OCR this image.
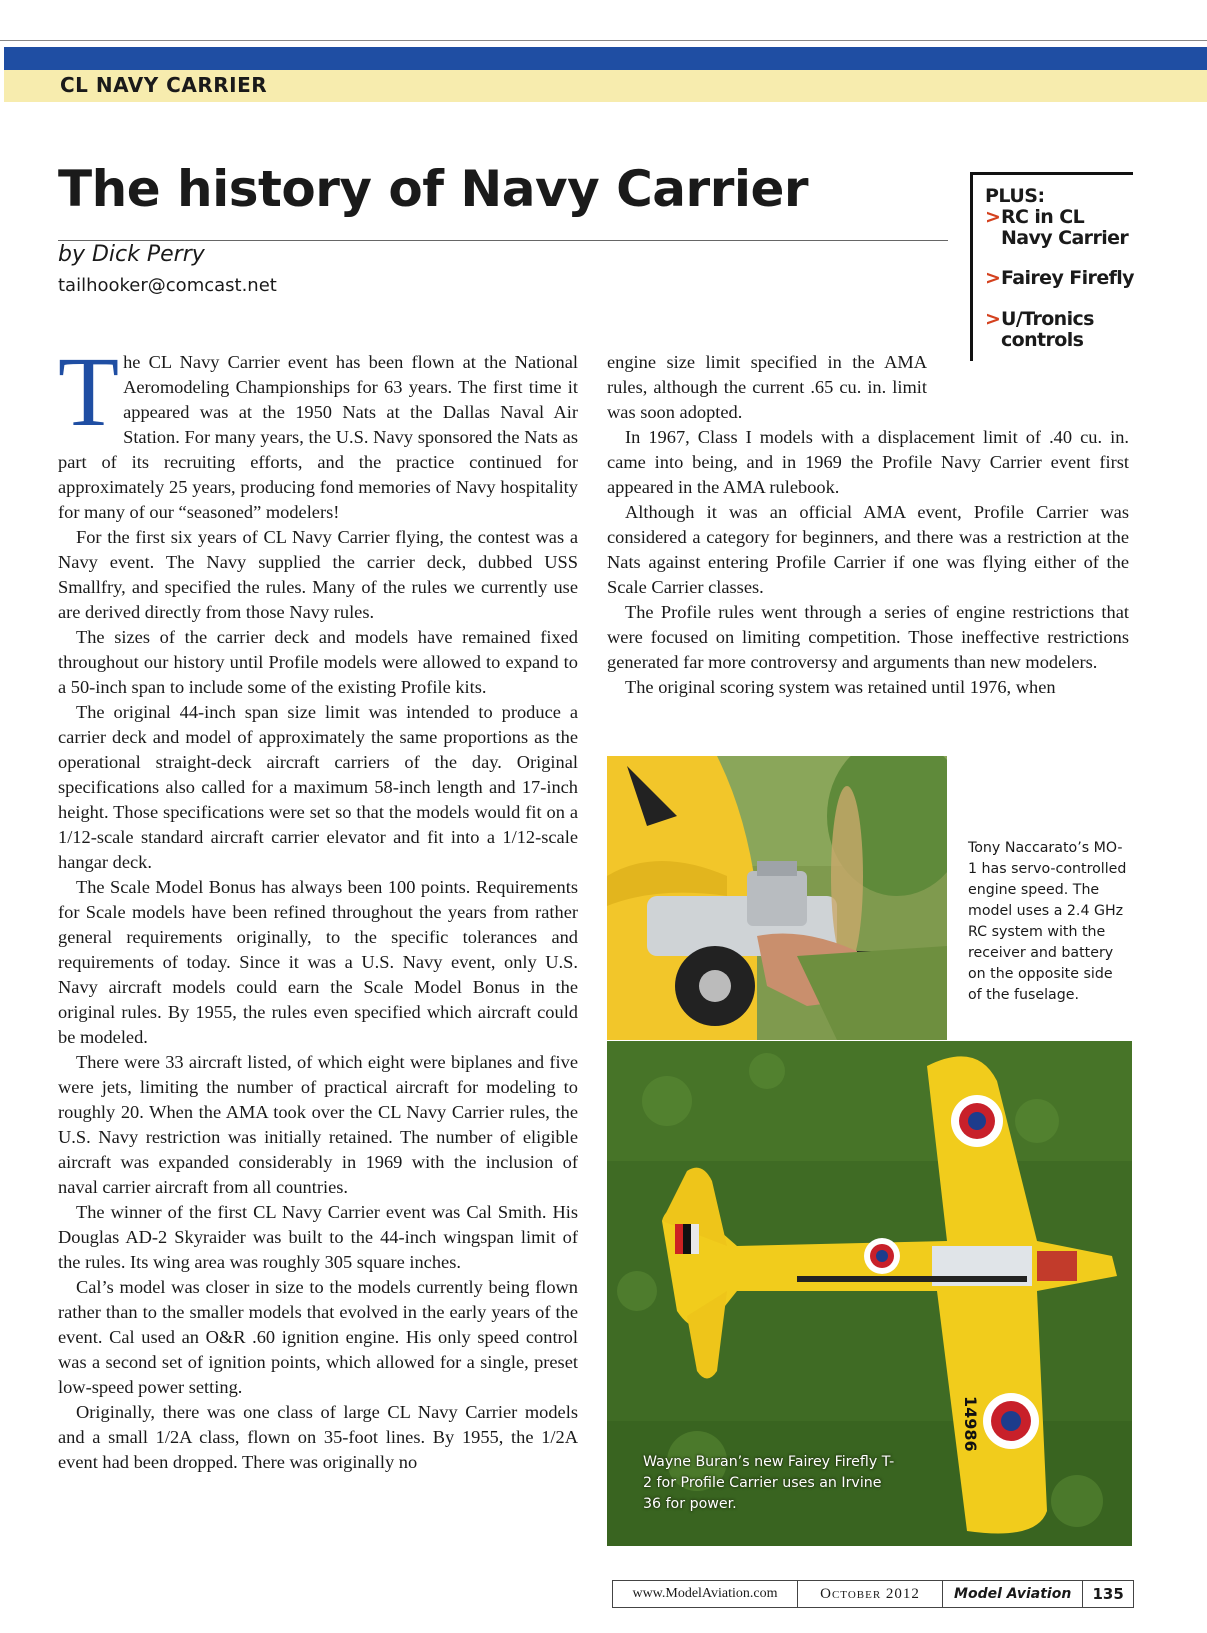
CL NAVY CARRIER
The history of Navy Carrier
by Dick Perry
tailhooker@comcast.net
PLUS:
> RC in CL Navy Carrier
> Fairey Firefly
> U/Tronics controls

The CL Navy Carrier event has been flown at the National Aeromodeling Championships for 63 years. The first time it appeared was at the 1950 Nats at the Dallas Naval Air Station. For many years, the U.S. Navy sponsored the Nats as part of its recruiting efforts, and the practice continued for approximately 25 years, producing fond memories of Navy hospitality for many of our “seasoned” modelers!

For the first six years of CL Navy Carrier flying, the contest was a Navy event. The Navy supplied the carrier deck, dubbed USS Smallfry, and specified the rules. Many of the rules we currently use are derived directly from those Navy rules.

The sizes of the carrier deck and models have remained fixed throughout our history until Profile models were allowed to expand to a 50-inch span to include some of the existing Profile kits.

The original 44-inch span size limit was intended to produce a carrier deck and model of approximately the same proportions as the operational straight-deck aircraft carriers of the day. Original specifications also called for a maximum 58-inch length and 17-inch height. Those specifications were set so that the models would fit on a 1/12-scale standard aircraft carrier elevator and fit into a 1/12-scale hangar deck.

The Scale Model Bonus has always been 100 points. Requirements for Scale models have been refined throughout the years from rather general requirements originally, to the specific tolerances and requirements of today. Since it was a U.S. Navy event, only U.S. Navy aircraft models could earn the Scale Model Bonus in the original rules. By 1955, the rules even specified which aircraft could be modeled.

There were 33 aircraft listed, of which eight were biplanes and five were jets, limiting the number of practical aircraft for modeling to roughly 20. When the AMA took over the CL Navy Carrier rules, the U.S. Navy restriction was initially retained. The number of eligible aircraft was expanded considerably in 1969 with the inclusion of naval carrier aircraft from all countries.

The winner of the first CL Navy Carrier event was Cal Smith. His Douglas AD-2 Skyraider was built to the 44-inch wingspan limit of the rules. Its wing area was roughly 305 square inches.

Cal’s model was closer in size to the models currently being flown rather than to the smaller models that evolved in the early years of the event. Cal used an O&R .60 ignition engine. His only speed control was a second set of ignition points, which allowed for a single, preset low-speed power setting.

Originally, there was one class of large CL Navy Carrier models and a small 1/2A class, flown on 35-foot lines. By 1955, the 1/2A event had been dropped. There was originally no

engine size limit specified in the AMA rules, although the current .65 cu. in. limit was soon adopted.

In 1967, Class I models with a displacement limit of .40 cu. in. came into being, and in 1969 the Profile Navy Carrier event first appeared in the AMA rulebook.

Although it was an official AMA event, Profile Carrier was considered a category for beginners, and there was a restriction at the Nats against entering Profile Carrier if one was flying either of the Scale Carrier classes.

The Profile rules went through a series of engine restrictions that were focused on limiting competition. Those ineffective restrictions generated far more controversy and arguments than new modelers.

The original scoring system was retained until 1976, when

Tony Naccarato’s MO-1 has servo-controlled engine speed. The model uses a 2.4 GHz RC system with the receiver and battery on the opposite side of the fuselage.
14986
Wayne Buran’s new Fairey Firefly T-2 for Profile Carrier uses an Irvine 36 for power.
www.ModelAviation.com	October 2012	Model Aviation	135
